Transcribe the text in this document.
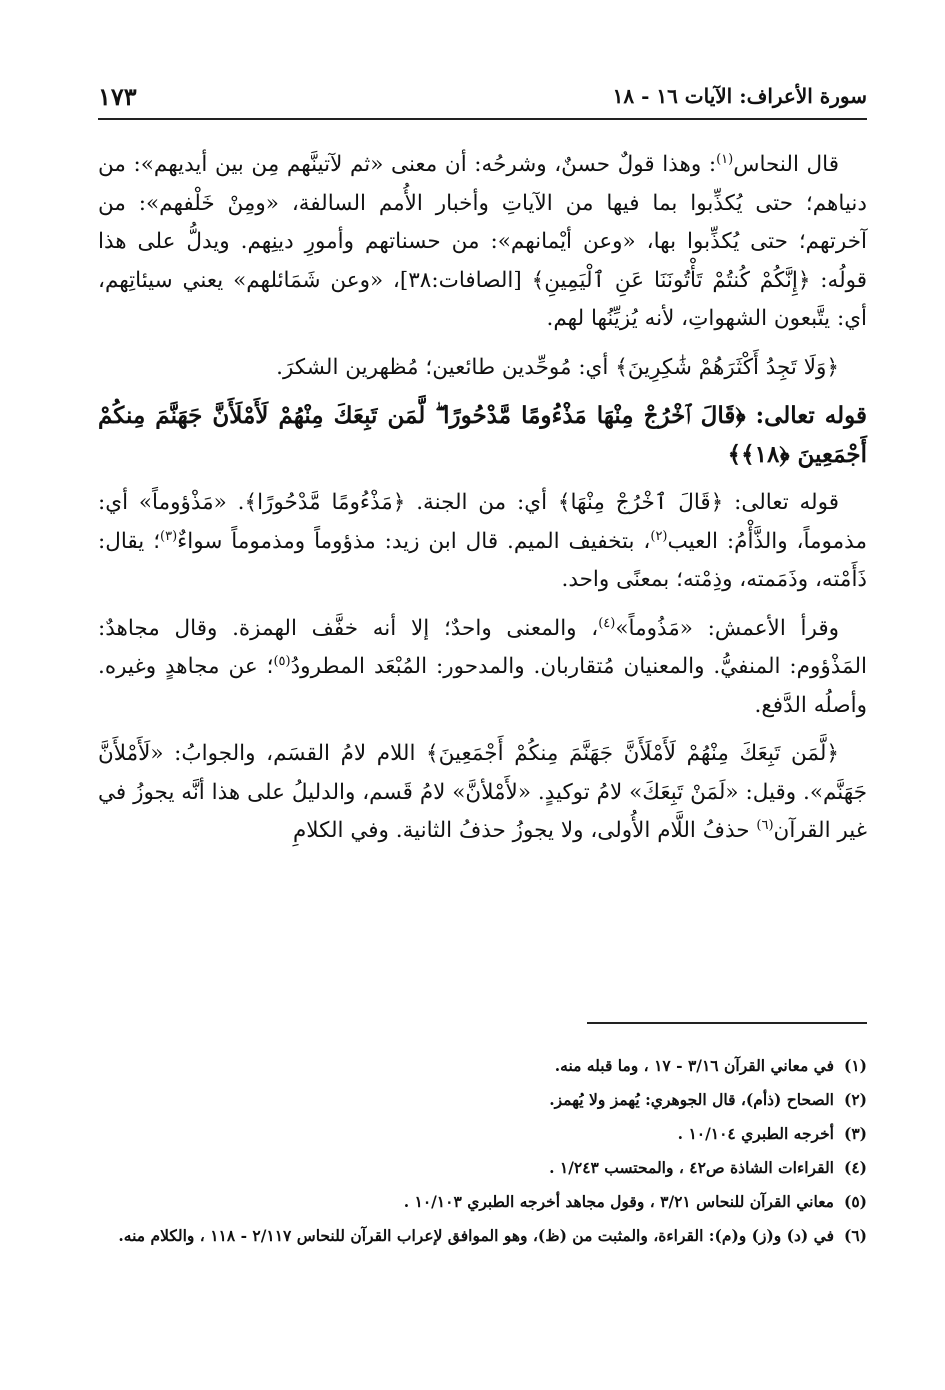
سورة الأعراف: الآيات ١٦ - ١٨
١٧٣

قال النحاس$^{(١)}$: وهذا قولٌ حسنٌ، وشرحُه: أن معنى «ثم لآتينَّهم مِن بين أيديهم»: من دنياهم؛ حتى يُكذِّبوا بما فيها من الآياتِ وأخبار الأُمم السالفة، «ومِنْ خَلْفهم»: من آخرتهم؛ حتى يُكذِّبوا بها، «وعن أيْمانهم»: من حسناتهم وأمورِ دينِهم. ويدلُّ على هذا قولُه: ﴿إِنَّكُمْ كُنتُمْ تَأْتُونَنَا عَنِ ٱلْيَمِينِ﴾ [الصافات:٣٨]، «وعن شَمَائلهم» يعني سيئاتِهم، أي: يتَّبعون الشهواتِ، لأنه يُزيِّنُها لهم.

﴿وَلَا تَجِدُ أَكْثَرَهُمْ شَٰكِرِينَ﴾ أي: مُوحِّدين طائعين؛ مُظهرين الشكرَ.

قوله تعالى: ﴿قَالَ ٱخْرُجْ مِنْهَا مَذْءُومًا مَّدْحُورًا ۖ لَّمَن تَبِعَكَ مِنْهُمْ لَأَمْلَأَنَّ جَهَنَّمَ مِنكُمْ أَجْمَعِينَ ﴿١٨﴾﴾

قوله تعالى: ﴿قَالَ ٱخْرُجْ مِنْهَا﴾ أي: من الجنة. ﴿مَذْءُومًا مَّدْحُورًا﴾. «مَذْؤوماً» أي: مذموماً، والذَّأْمُ: العيب$^{(٢)}$، بتخفيف الميم. قال ابن زيد: مذؤوماً ومذموماً سواءٌ$^{(٣)}$؛ يقال: ذَأَمْته، وذَمَمته، وذِمْته؛ بمعنًى واحد.

وقرأ الأعمش: «مَذُوماً»$^{(٤)}$، والمعنى واحدٌ؛ إلا أنه خفَّف الهمزة. وقال مجاهدٌ: المَذْؤوم: المنفيُّ. والمعنيان مُتقاربان. والمدحور: المُبْعَد المطرودُ$^{(٥)}$؛ عن مجاهدٍ وغيره. وأصلُه الدَّفع.

﴿لَّمَن تَبِعَكَ مِنْهُمْ لَأَمْلَأَنَّ جَهَنَّمَ مِنكُمْ أَجْمَعِينَ﴾ اللام لامُ القسَم، والجوابُ: «لَأَمْلأَنَّ جَهَنَّم». وقيل: «لَمَنْ تَبِعَكَ» لامُ توكيدٍ. «لأَمْلأنَّ» لامُ قَسم، والدليلُ على هذا أنَّه يجوزُ في غير القرآن$^{(٦)}$ حذفُ اللَّام الأُولى، ولا يجوزُ حذفُ الثانية. وفي الكلامِ

(١)في معاني القرآن ٣/١٦ - ١٧ ، وما قبله منه.
(٢)الصحاح (ذأم)، قال الجوهري: يُهمز ولا يُهمز.
(٣)أخرجه الطبري ١٠/١٠٤ .
(٤)القراءات الشاذة ص٤٢ ، والمحتسب ١/٢٤٣ .
(٥)معاني القرآن للنحاس ٣/٢١ ، وقول مجاهد أخرجه الطبري ١٠/١٠٣ .
(٦)في (د) و(ز) و(م): القراءة، والمثبت من (ظ)، وهو الموافق لإعراب القرآن للنحاس ٢/١١٧ - ١١٨ ، والكلام منه.
